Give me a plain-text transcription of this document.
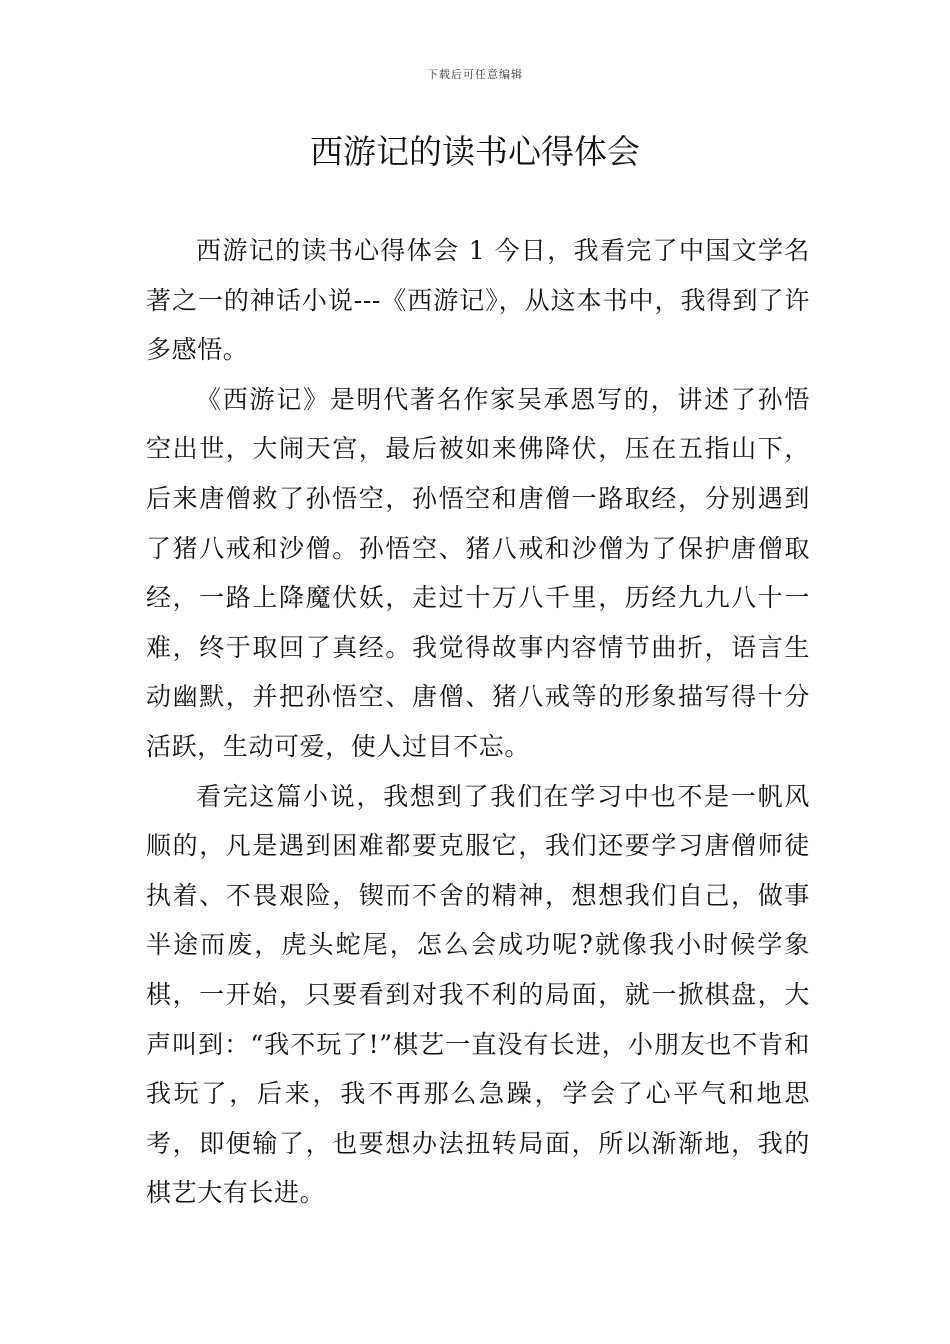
下载后可任意编辑
西游记的读书心得体会

西游记的读书心得体会 1 今日，我看完了中国文学名著之一的神话小说---《西游记》，从这本书中，我得到了许多感悟。

《西游记》是明代著名作家吴承恩写的，讲述了孙悟空出世，大闹天宫，最后被如来佛降伏，压在五指山下，后来唐僧救了孙悟空，孙悟空和唐僧一路取经，分别遇到了猪八戒和沙僧。孙悟空、猪八戒和沙僧为了保护唐僧取经，一路上降魔伏妖，走过十万八千里，历经九九八十一难，终于取回了真经。我觉得故事内容情节曲折，语言生动幽默，并把孙悟空、唐僧、猪八戒等的形象描写得十分活跃，生动可爱，使人过目不忘。

看完这篇小说，我想到了我们在学习中也不是一帆风顺的，凡是遇到困难都要克服它，我们还要学习唐僧师徒执着、不畏艰险，锲而不舍的精神，想想我们自己，做事半途而废，虎头蛇尾，怎么会成功呢?就像我小时候学象棋，一开始，只要看到对我不利的局面，就一掀棋盘，大声叫到：“我不玩了!”棋艺一直没有长进，小朋友也不肯和我玩了，后来，我不再那么急躁，学会了心平气和地思考，即便输了，也要想办法扭转局面，所以渐渐地，我的棋艺大有长进。
